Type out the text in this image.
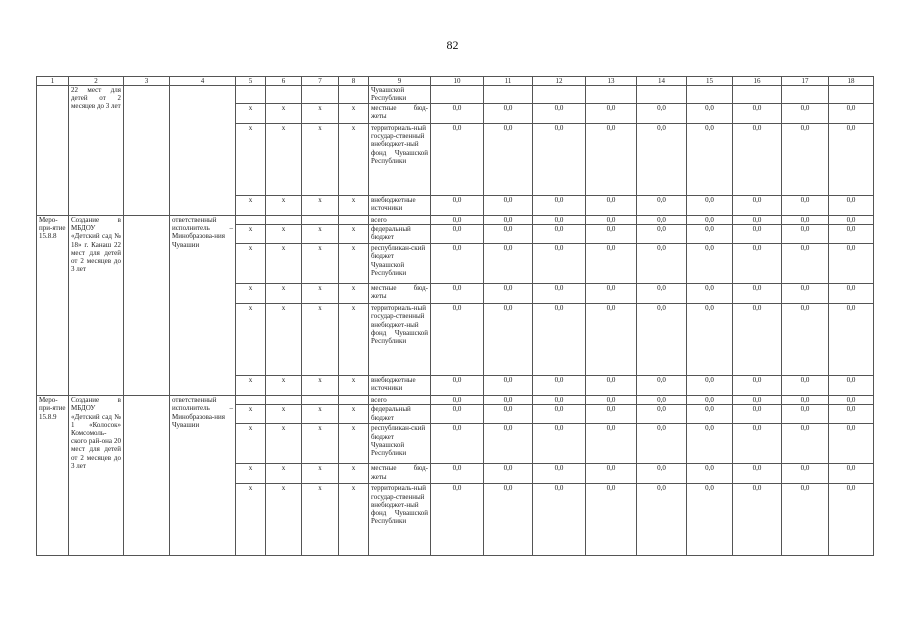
82
1	2	3	4	5	6	7	8	9	10	11	12	13	14	15	16	17	18
	22 мест для детей от 2 месяцев до 3 лет							Чувашской Республики									
				x	x	x	x	местные бюд-жеты	0,0	0,0	0,0	0,0	0,0	0,0	0,0	0,0	0,0
				x	x	x	x	территориаль-ный государ-ственный внебюджет-ный фонд Чувашской Республики	0,0	0,0	0,0	0,0	0,0	0,0	0,0	0,0	0,0
				x	x	x	x	внебюджетные источники	0,0	0,0	0,0	0,0	0,0	0,0	0,0	0,0	0,0
Меро-при-ятие 15.8.8	Создание в МБДОУ «Детский сад № 18» г. Канаш 22 мест для детей от 2 месяцев до 3 лет		ответственный исполнитель – Минобразова-ния Чувашии					всего	0,0	0,0	0,0	0,0	0,0	0,0	0,0	0,0	0,0
				x	x	x	x	федеральный бюджет	0,0	0,0	0,0	0,0	0,0	0,0	0,0	0,0	0,0
				x	x	x	x	республикан-ский бюджет Чувашской Республики	0,0	0,0	0,0	0,0	0,0	0,0	0,0	0,0	0,0
				x	x	x	x	местные бюд-жеты	0,0	0,0	0,0	0,0	0,0	0,0	0,0	0,0	0,0
				x	x	x	x	территориаль-ный государ-ственный внебюджет-ный фонд Чувашской Республики	0,0	0,0	0,0	0,0	0,0	0,0	0,0	0,0	0,0
				x	x	x	x	внебюджетные источники	0,0	0,0	0,0	0,0	0,0	0,0	0,0	0,0	0,0
Меро-при-ятие 15.8.9	Создание в МБДОУ «Детский сад № 1 «Колосок» Комсомоль-ского рай-она 20 мест для детей от 2 месяцев до 3 лет		ответственный исполнитель – Минобразова-ния Чувашии					всего	0,0	0,0	0,0	0,0	0,0	0,0	0,0	0,0	0,0
				x	x	x	x	федеральный бюджет	0,0	0,0	0,0	0,0	0,0	0,0	0,0	0,0	0,0
				x	x	x	x	республикан-ский бюджет Чувашской Республики	0,0	0,0	0,0	0,0	0,0	0,0	0,0	0,0	0,0
				x	x	x	x	местные бюд-жеты	0,0	0,0	0,0	0,0	0,0	0,0	0,0	0,0	0,0
				x	x	x	x	территориаль-ный государ-ственный внебюджет-ный фонд Чувашской Республики	0,0	0,0	0,0	0,0	0,0	0,0	0,0	0,0	0,0
